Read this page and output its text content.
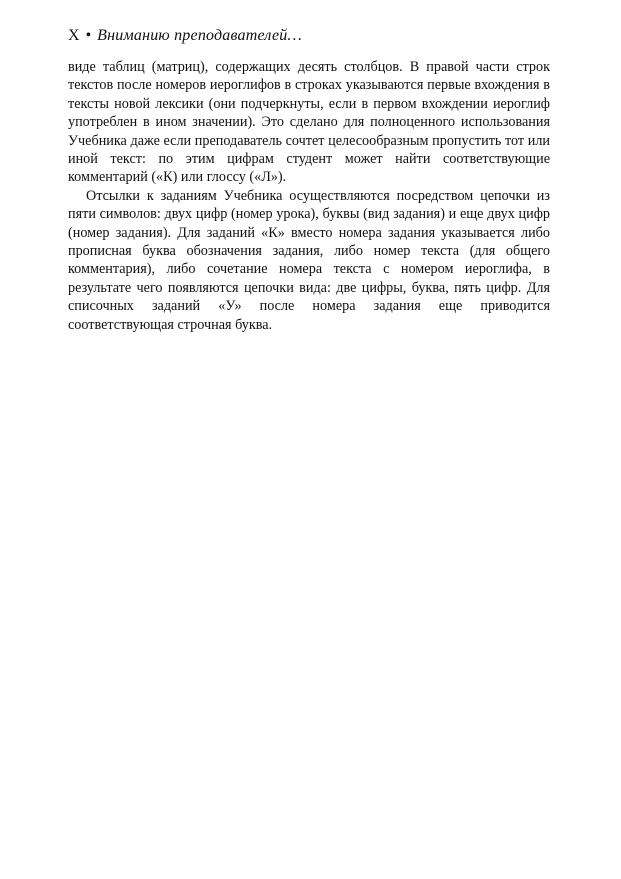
X • Вниманию преподавателей…

виде таблиц (матриц), содержащих десять столбцов. В правой части строк текстов после номеров иероглифов в строках указываются первые вхождения в тексты новой лексики (они подчеркнуты, если в первом вхождении иероглиф употреблен в ином значении). Это сделано для полноценного использования Учебника даже если преподаватель сочтет целесообразным пропустить тот или иной текст: по этим цифрам студент может найти соответствующие комментарий («К) или глоссу («Л»).

Отсылки к заданиям Учебника осуществляются посредством цепочки из пяти символов: двух цифр (номер урока), буквы (вид задания) и еще двух цифр (номер задания). Для заданий «К» вместо номера задания указывается либо прописная буква обозначения задания, либо номер текста (для общего комментария), либо сочетание номера текста с номером иероглифа, в результате чего появляются цепочки вида: две цифры, буква, пять цифр. Для списочных заданий «У» после номера задания еще приводится соответствующая строчная буква.
